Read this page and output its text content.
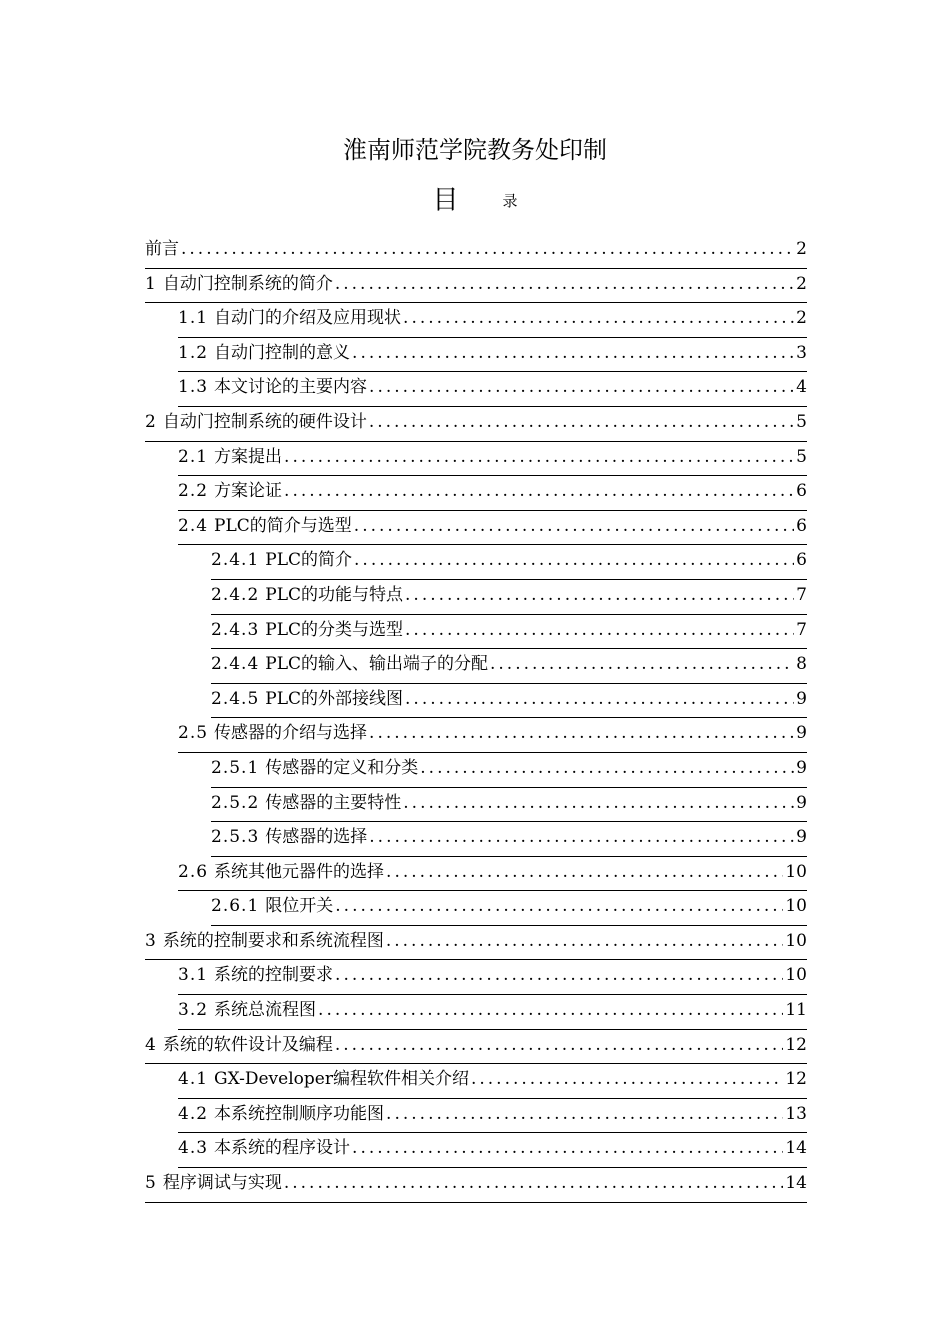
淮南师范学院教务处印制
目	录
前言 .....	2
1 自动门控制系统的简介 .....	2
1.1 自动门的介绍及应用现状 .....	2
1.2 自动门控制的意义 .....	3
1.3 本文讨论的主要内容 .....	4
2 自动门控制系统的硬件设计 .....	5
2.1 方案提出 .....	5
2.2 方案论证 .....	6
2.4 PLC的简介与选型 .....	6
2.4.1 PLC的简介 .....	6
2.4.2 PLC的功能与特点 .....	7
2.4.3 PLC的分类与选型 .....	7
2.4.4 PLC的输入、输出端子的分配 .....	8
2.4.5 PLC的外部接线图 .....	9
2.5 传感器的介绍与选择 .....	9
2.5.1 传感器的定义和分类 .....	9
2.5.2 传感器的主要特性 .....	9
2.5.3 传感器的选择 .....	9
2.6 系统其他元器件的选择 .....	10
2.6.1 限位开关 .....	10
3 系统的控制要求和系统流程图 .....	10
3.1 系统的控制要求 .....	10
3.2 系统总流程图 .....	11
4 系统的软件设计及编程 .....	12
4.1 GX-Developer编程软件相关介绍 .....	12
4.2 本系统控制顺序功能图 .....	13
4.3 本系统的程序设计 .....	14
5 程序调试与实现 .....	14
